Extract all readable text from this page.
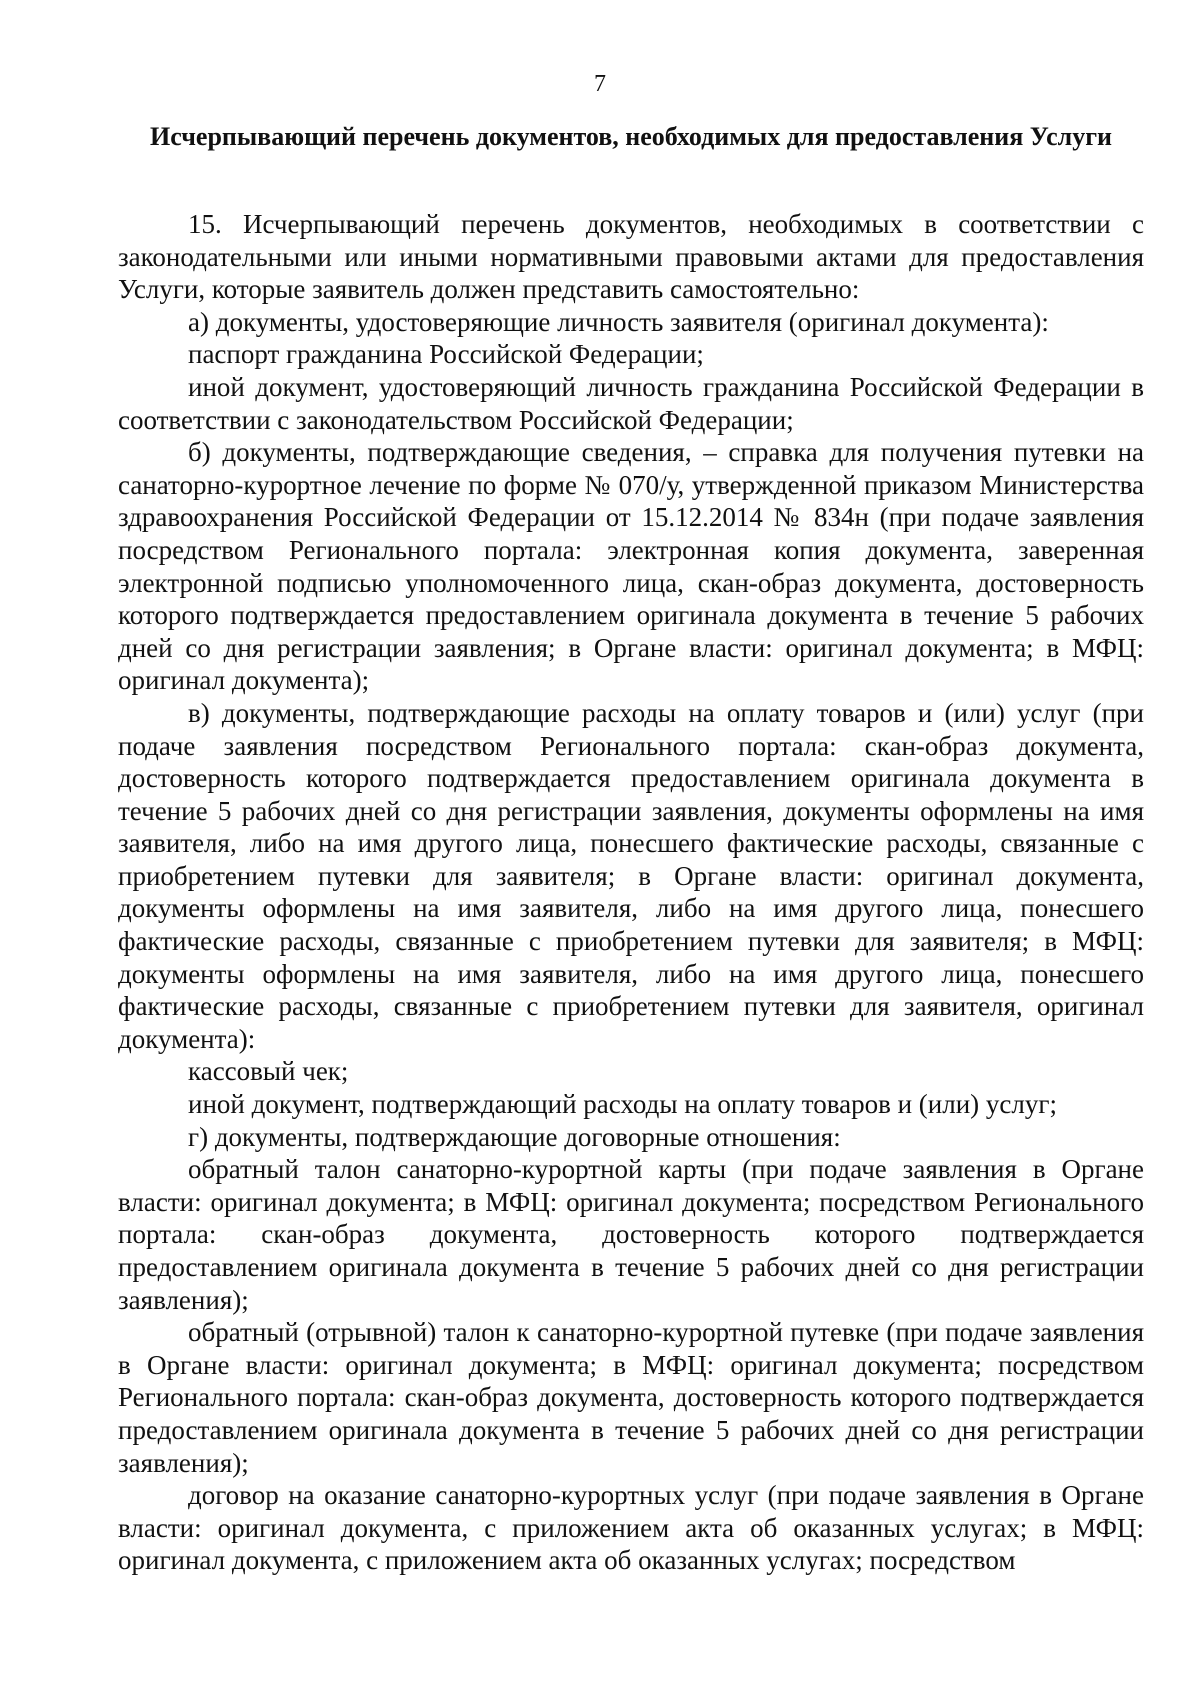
7
Исчерпывающий перечень документов, необходимых для предоставления Услуги

15. Исчерпывающий перечень документов, необходимых в соответствии с законодательными или иными нормативными правовыми актами для предоставления Услуги, которые заявитель должен представить самостоятельно:

а) документы, удостоверяющие личность заявителя (оригинал документа):

паспорт гражданина Российской Федерации;

иной документ, удостоверяющий личность гражданина Российской Федерации в соответствии с законодательством Российской Федерации;

б) документы, подтверждающие сведения, – справка для получения путевки на санаторно-курортное лечение по форме № 070/у, утвержденной приказом Министерства здравоохранения Российской Федерации от 15.12.2014 № 834н (при подаче заявления посредством Регионального портала: электронная копия документа, заверенная электронной подписью уполномоченного лица, скан-образ документа, достоверность которого подтверждается предоставлением оригинала документа в течение 5 рабочих дней со дня регистрации заявления; в Органе власти: оригинал документа; в МФЦ: оригинал документа);

в) документы, подтверждающие расходы на оплату товаров и (или) услуг (при подаче заявления посредством Регионального портала: скан-образ документа, достоверность которого подтверждается предоставлением оригинала документа в течение 5 рабочих дней со дня регистрации заявления, документы оформлены на имя заявителя, либо на имя другого лица, понесшего фактические расходы, связанные с приобретением путевки для заявителя; в Органе власти: оригинал документа, документы оформлены на имя заявителя, либо на имя другого лица, понесшего фактические расходы, связанные с приобретением путевки для заявителя; в МФЦ: документы оформлены на имя заявителя, либо на имя другого лица, понесшего фактические расходы, связанные с приобретением путевки для заявителя, оригинал документа):

кассовый чек;

иной документ, подтверждающий расходы на оплату товаров и (или) услуг;

г) документы, подтверждающие договорные отношения:

обратный талон санаторно-курортной карты (при подаче заявления в Органе власти: оригинал документа; в МФЦ: оригинал документа; посредством Регионального портала: скан-образ документа, достоверность которого подтверждается предоставлением оригинала документа в течение 5 рабочих дней со дня регистрации заявления);

обратный (отрывной) талон к санаторно-курортной путевке (при подаче заявления в Органе власти: оригинал документа; в МФЦ: оригинал документа; посредством Регионального портала: скан-образ документа, достоверность которого подтверждается предоставлением оригинала документа в течение 5 рабочих дней со дня регистрации заявления);

договор на оказание санаторно-курортных услуг (при подаче заявления в Органе власти: оригинал документа, с приложением акта об оказанных услугах; в МФЦ: оригинал документа, с приложением акта об оказанных услугах; посредством
